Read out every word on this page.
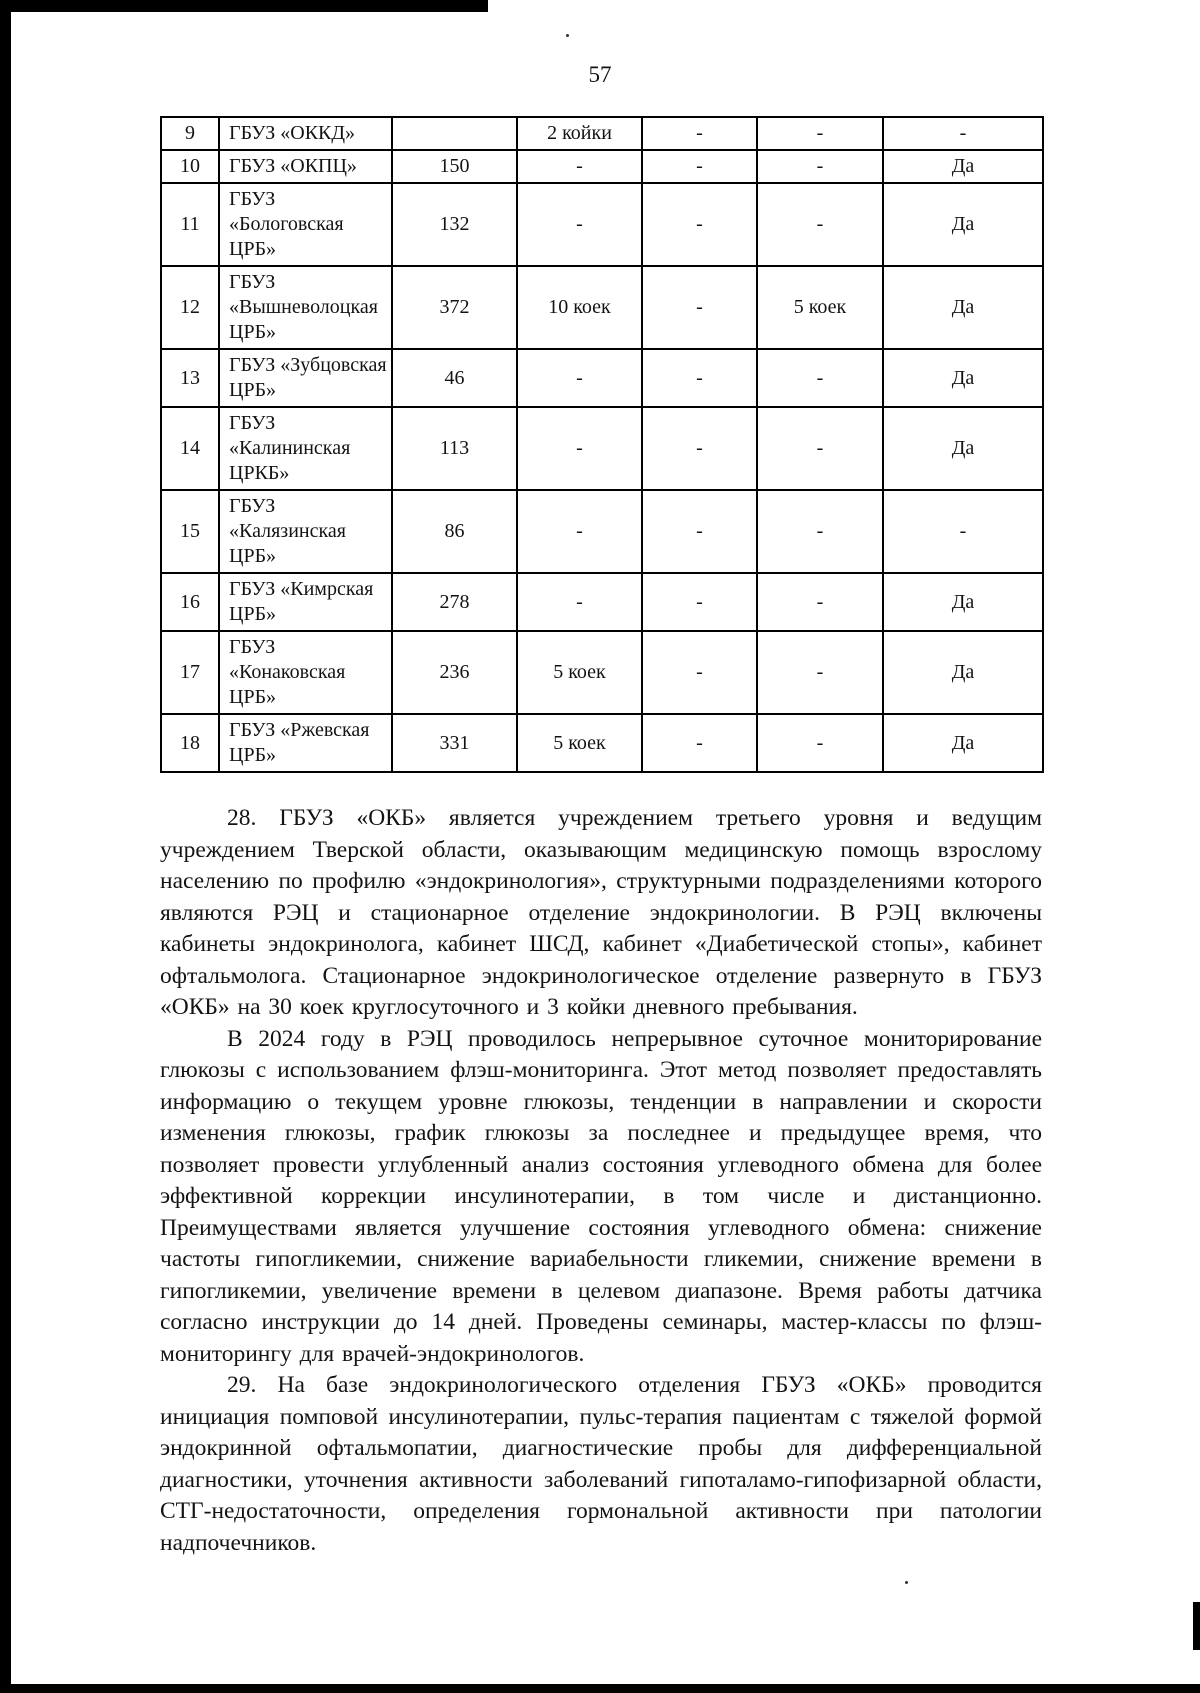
57
9	ГБУЗ «ОККД»		2 койки	-	-	-
10	ГБУЗ «ОКПЦ»	150	-	-	-	Да
11	ГБУЗ «Бологовская ЦРБ»	132	-	-	-	Да
12	ГБУЗ «Вышневолоцкая ЦРБ»	372	10 коек	-	5 коек	Да
13	ГБУЗ «Зубцовская ЦРБ»	46	-	-	-	Да
14	ГБУЗ «Калининская ЦРКБ»	113	-	-	-	Да
15	ГБУЗ «Калязинская ЦРБ»	86	-	-	-	-
16	ГБУЗ «Кимрская ЦРБ»	278	-	-	-	Да
17	ГБУЗ «Конаковская ЦРБ»	236	5 коек	-	-	Да
18	ГБУЗ «Ржевская ЦРБ»	331	5 коек	-	-	Да

28. ГБУЗ «ОКБ» является учреждением третьего уровня и ведущим учреждением Тверской области, оказывающим медицинскую помощь взрослому населению по профилю «эндокринология», структурными подразделениями которого являются РЭЦ и стационарное отделение эндокринологии. В РЭЦ включены кабинеты эндокринолога, кабинет ШСД, кабинет «Диабетической стопы», кабинет офтальмолога. Стационарное эндокринологическое отделение развернуто в ГБУЗ «ОКБ» на 30 коек круглосуточного и 3 койки дневного пребывания.

В 2024 году в РЭЦ проводилось непрерывное суточное мониторирование глюкозы с использованием флэш-мониторинга. Этот метод позволяет предоставлять информацию о текущем уровне глюкозы, тенденции в направлении и скорости изменения глюкозы, график глюкозы за последнее и предыдущее время, что позволяет провести углубленный анализ состояния углеводного обмена для более эффективной коррекции инсулинотерапии, в том числе и дистанционно. Преимуществами является улучшение состояния углеводного обмена: снижение частоты гипогликемии, снижение вариабельности гликемии, снижение времени в гипогликемии, увеличение времени в целевом диапазоне. Время работы датчика согласно инструкции до 14 дней. Проведены семинары, мастер-классы по флэш-мониторингу для врачей-эндокринологов.

29. На базе эндокринологического отделения ГБУЗ «ОКБ» проводится инициация помповой инсулинотерапии, пульс-терапия пациентам с тяжелой формой эндокринной офтальмопатии, диагностические пробы для дифференциальной диагностики, уточнения активности заболеваний гипоталамо-гипофизарной области, СТГ-недостаточности, определения гормональной активности при патологии надпочечников.
